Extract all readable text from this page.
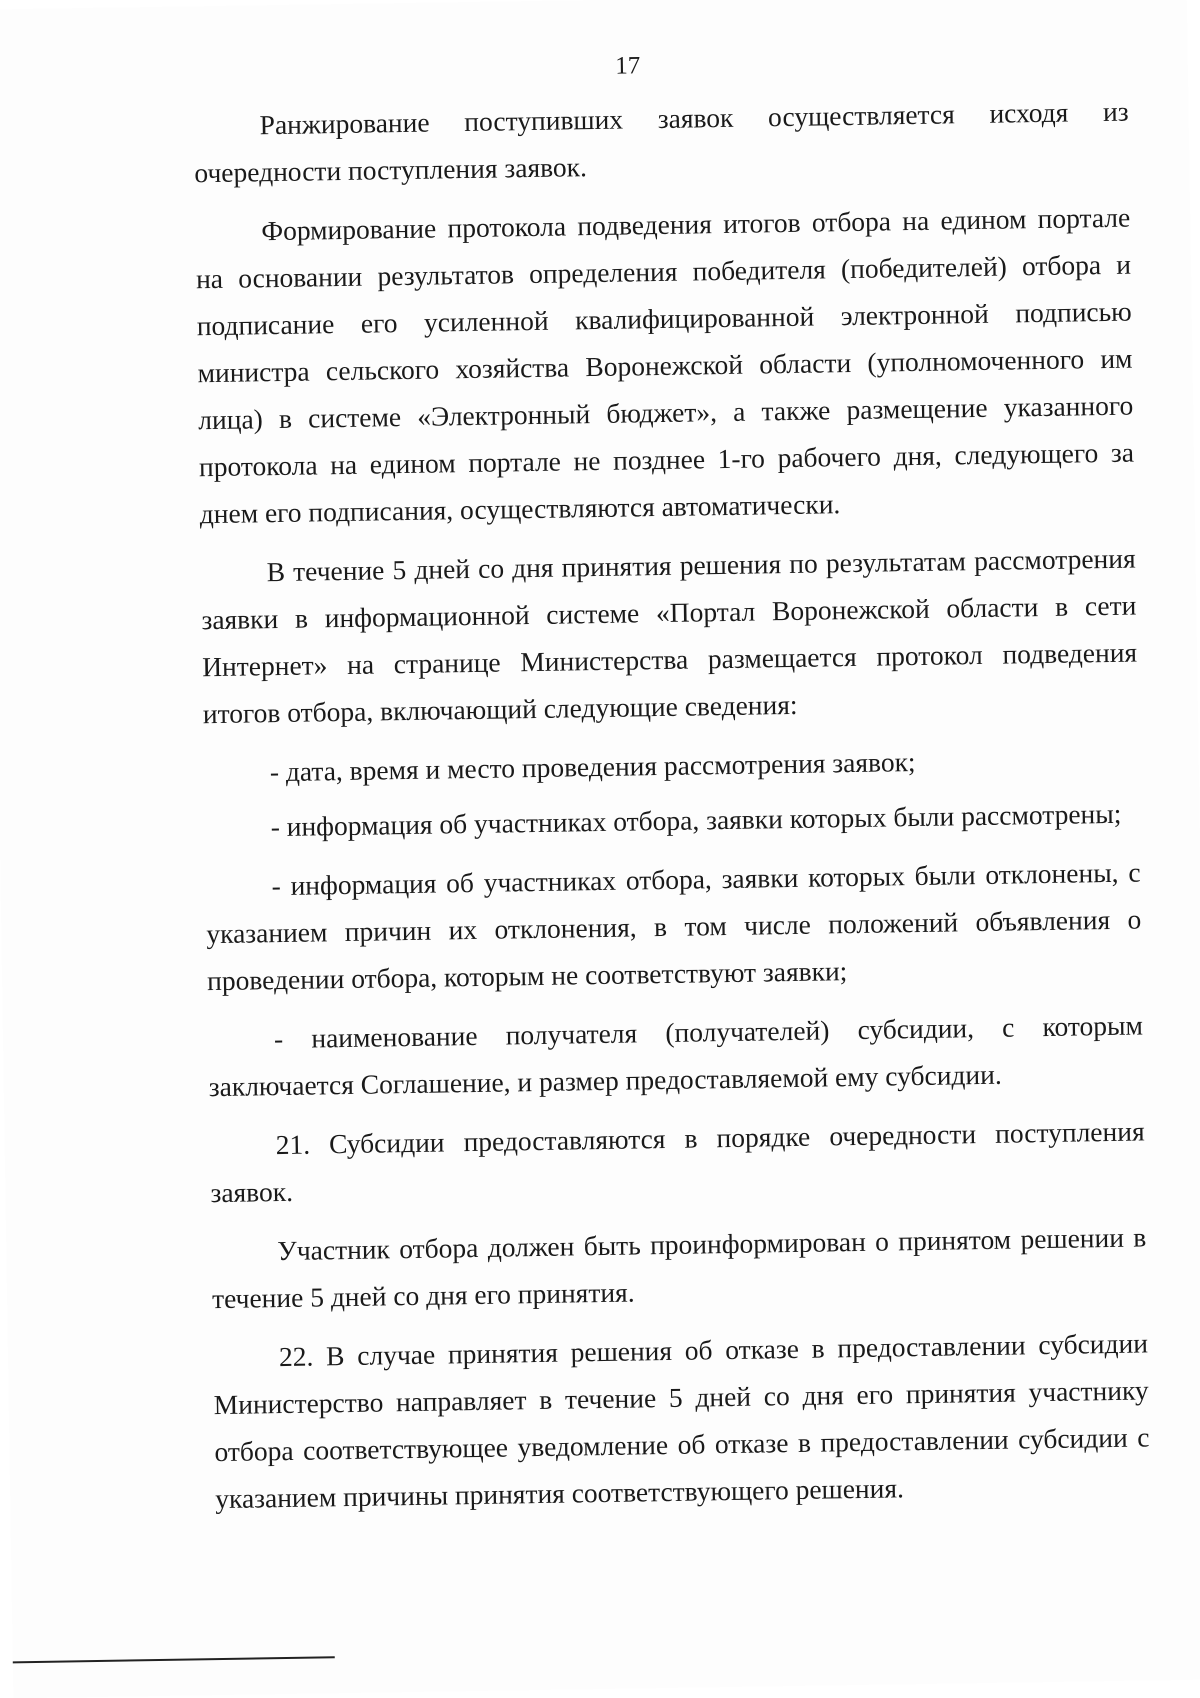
17

Ранжирование поступивших заявок осуществляется исходя из очередности поступления заявок.

Формирование протокола подведения итогов отбора на едином портале на основании результатов определения победителя (победителей) отбора и подписание его усиленной квалифицированной электронной подписью министра сельского хозяйства Воронежской области (уполномоченного им лица) в системе «Электронный бюджет», а также размещение указанного протокола на едином портале не позднее 1-го рабочего дня, следующего за днем его подписания, осуществляются автоматически.

В течение 5 дней со дня принятия решения по результатам рассмотрения заявки в информационной системе «Портал Воронежской области в сети Интернет» на странице Министерства размещается протокол подведения итогов отбора, включающий следующие сведения:

- дата, время и место проведения рассмотрения заявок;

- информация об участниках отбора, заявки которых были рассмотрены;

- информация об участниках отбора, заявки которых были отклонены, с указанием причин их отклонения, в том числе положений объявления о проведении отбора, которым не соответствуют заявки;

- наименование получателя (получателей) субсидии, с которым заключается Соглашение, и размер предоставляемой ему субсидии.

21. Субсидии предоставляются в порядке очередности поступления заявок.

Участник отбора должен быть проинформирован о принятом решении в течение 5 дней со дня его принятия.

22. В случае принятия решения об отказе в предоставлении субсидии Министерство направляет в течение 5 дней со дня его принятия участнику отбора соответствующее уведомление об отказе в предоставлении субсидии с указанием причины принятия соответствующего решения.
